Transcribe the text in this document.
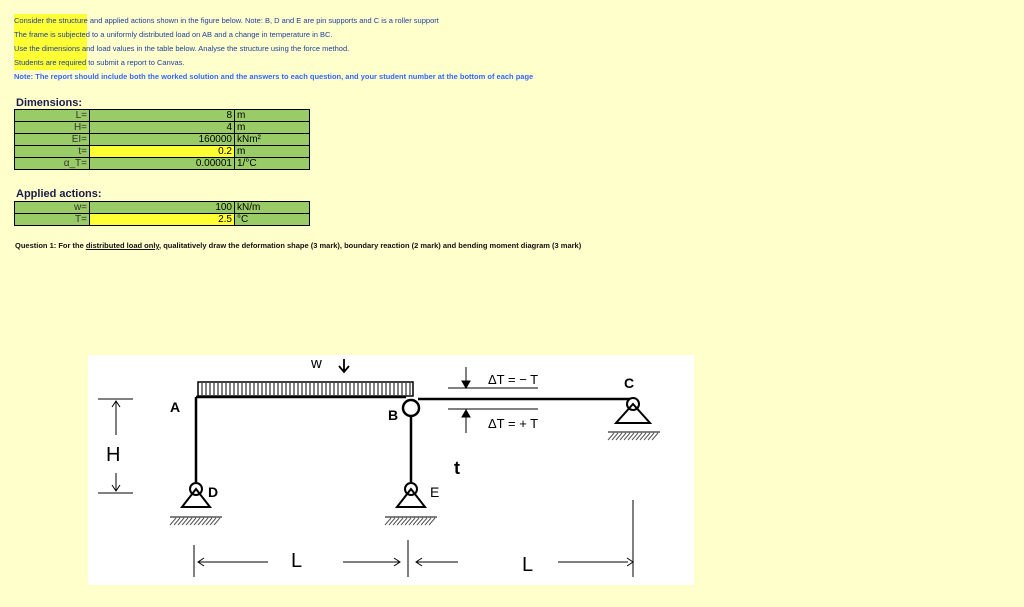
Consider the structure and applied actions shown in the figure below. Note: B, D and E are pin supports and C is a roller support
The frame is subjected to a uniformly distributed load on AB and a change in temperature in BC.
Use the dimensions and load values in the table below. Analyse the structure using the force method.
Students are required to submit a report to Canvas.
Note: The report should include both the worked solution and the answers to each question, and your student number at the bottom of each page
Dimensions:
L=	8	m
H=	4	m
EI=	160000	kNm²
t=	0.2	m
α_T=	0.00001	1/°C
Applied actions:
w=	100	kN/m
T=	2.5	°C
Question 1: For the distributed load only, qualitatively draw the deformation shape (3 mark), boundary reaction (2 mark) and bending moment diagram (3 mark)
w
A	B
C
D	E
H
t
L	L
ΔT = − T
ΔT = + T
